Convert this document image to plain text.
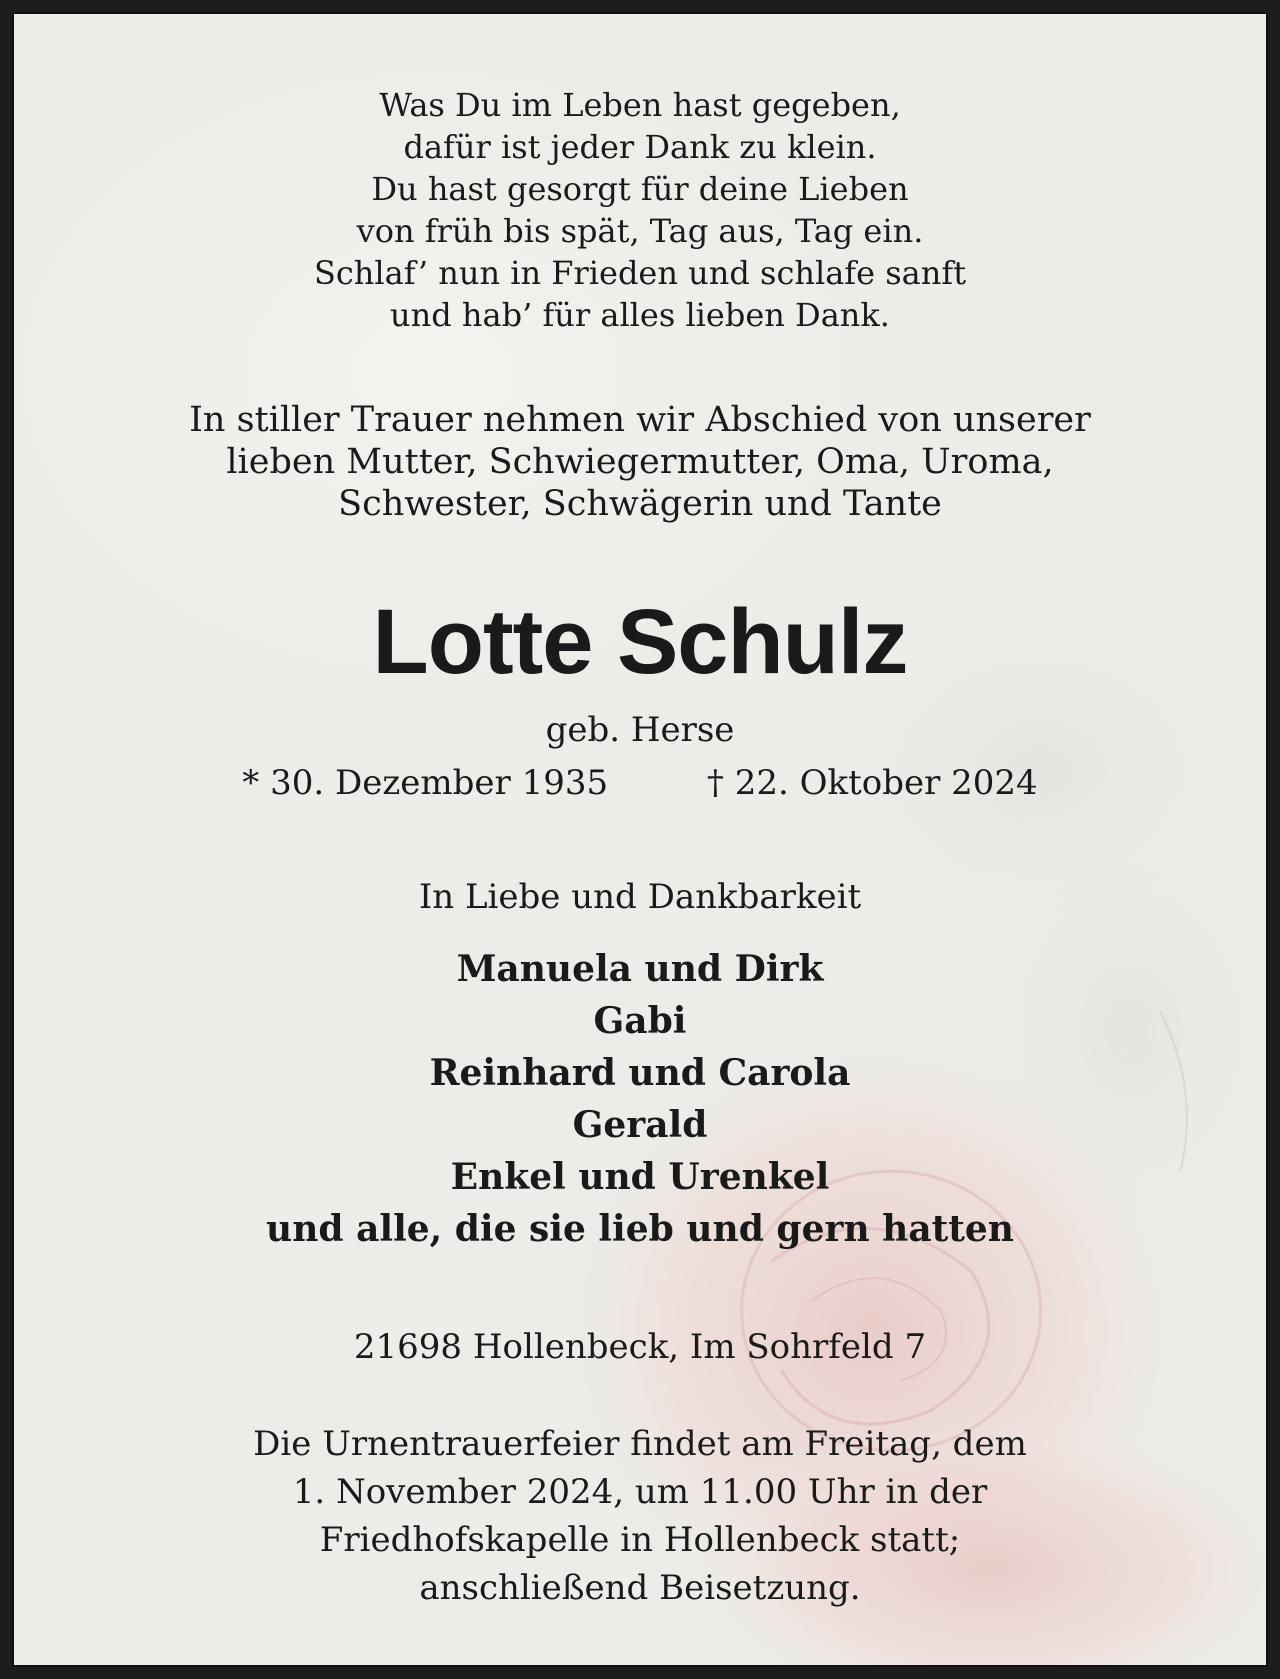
Was Du im Leben hast gegeben,
dafür ist jeder Dank zu klein.
Du hast gesorgt für deine Lieben
von früh bis spät, Tag aus, Tag ein.
Schlaf’ nun in Frieden und schlafe sanft
und hab’ für alles lieben Dank.
In stiller Trauer nehmen wir Abschied von unserer
lieben Mutter, Schwiegermutter, Oma, Uroma,
Schwester, Schwägerin und Tante
Lotte Schulz
geb. Herse
* 30. Dezember 1935	† 22. Oktober 2024
In Liebe und Dankbarkeit
Manuela und Dirk
Gabi
Reinhard und Carola
Gerald
Enkel und Urenkel
und alle, die sie lieb und gern hatten
21698 Hollenbeck, Im Sohrfeld 7
Die Urnentrauerfeier findet am Freitag, dem
1. November 2024, um 11.00 Uhr in der
Friedhofskapelle in Hollenbeck statt;
anschließend Beisetzung.
